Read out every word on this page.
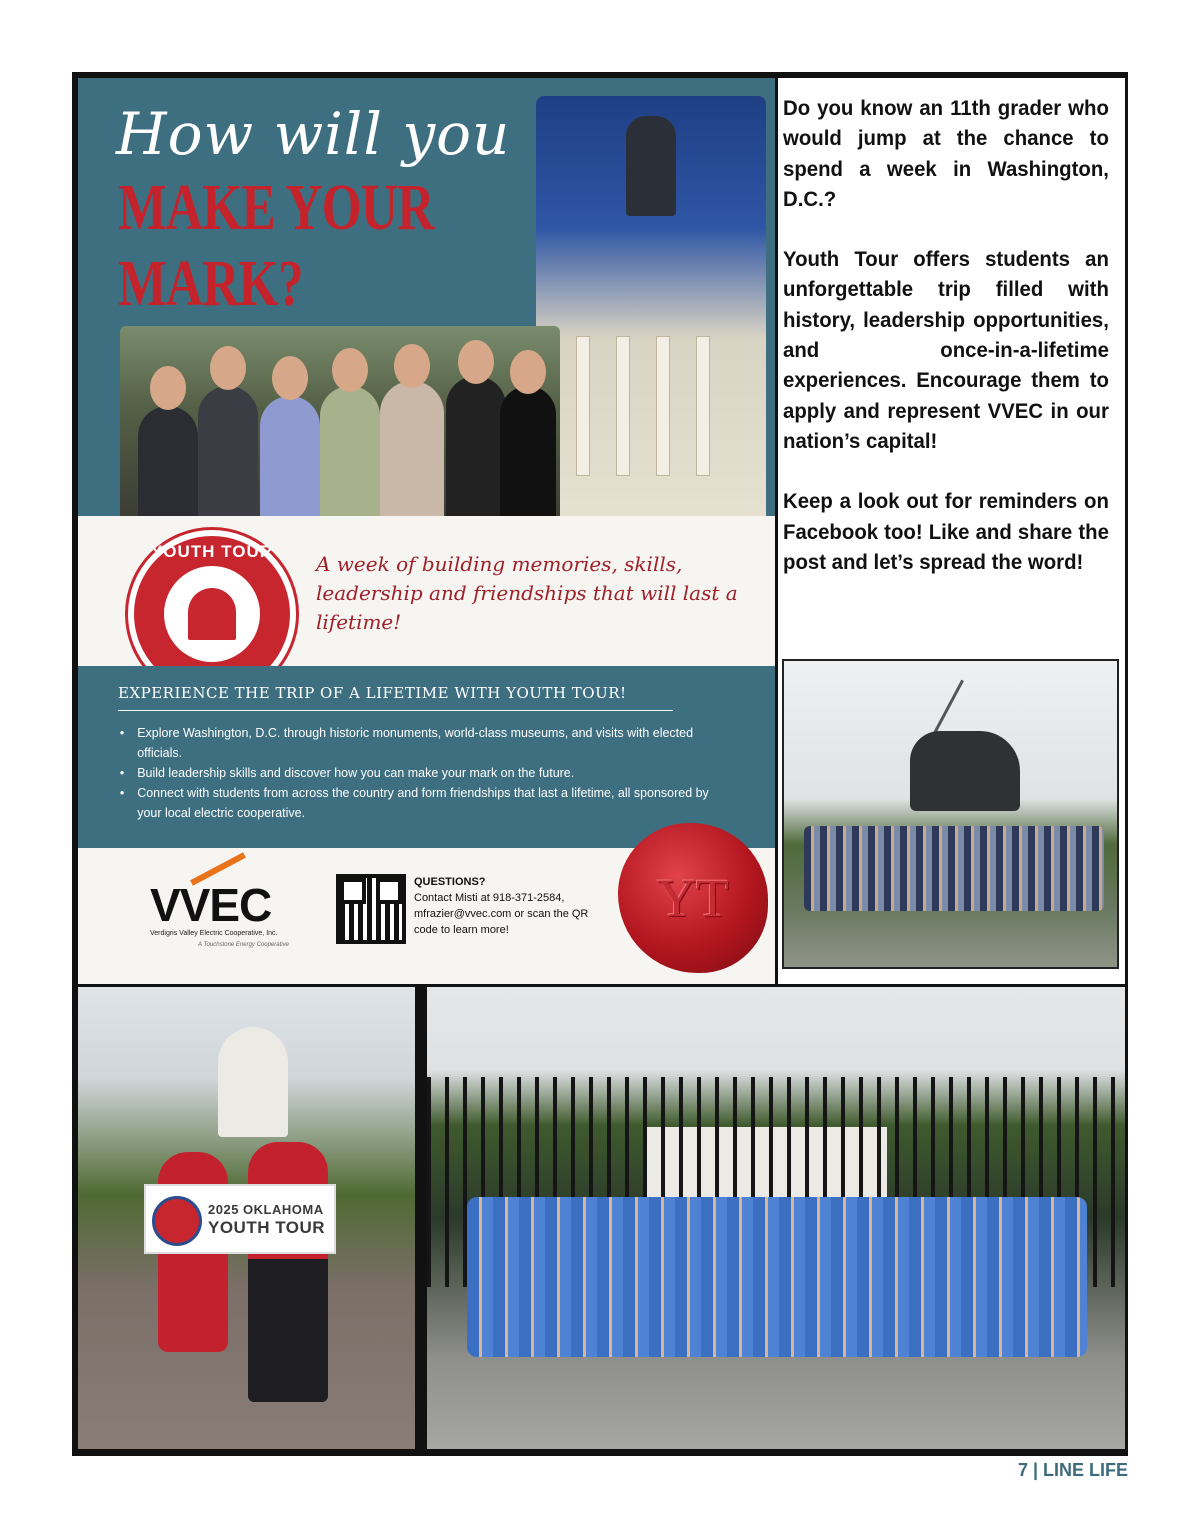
How will you
MAKE YOUR MARK?
YOUTH TOUR
A week of building memories, skills, leadership and friendships that will last a lifetime!
EXPERIENCE THE TRIP OF A LIFETIME WITH YOUTH TOUR!
• Explore Washington, D.C. through historic monuments, world-class museums, and visits with elected officials.
• Build leadership skills and discover how you can make your mark on the future.
• Connect with students from across the country and form friendships that last a lifetime, all sponsored by your local electric cooperative.
VVEC
Verdigris Valley Electric Cooperative, Inc.
A Touchstone Energy Cooperative
QUESTIONS?
Contact Misti at 918-371-2584, mfrazier@vvec.com or scan the QR code to learn more!
YT

Do you know an 11th grader who would jump at the chance to spend a week in Washington, D.C.?

Youth Tour offers students an unforgettable trip filled with history, leadership opportunities, and once-in-a-lifetime experiences. Encourage them to apply and represent VVEC in our nation’s capital!

Keep a look out for reminders on Facebook too! Like and share the post and let’s spread the word!

2025 OKLAHOMA
YOUTH TOUR
7 | LINE LIFE
